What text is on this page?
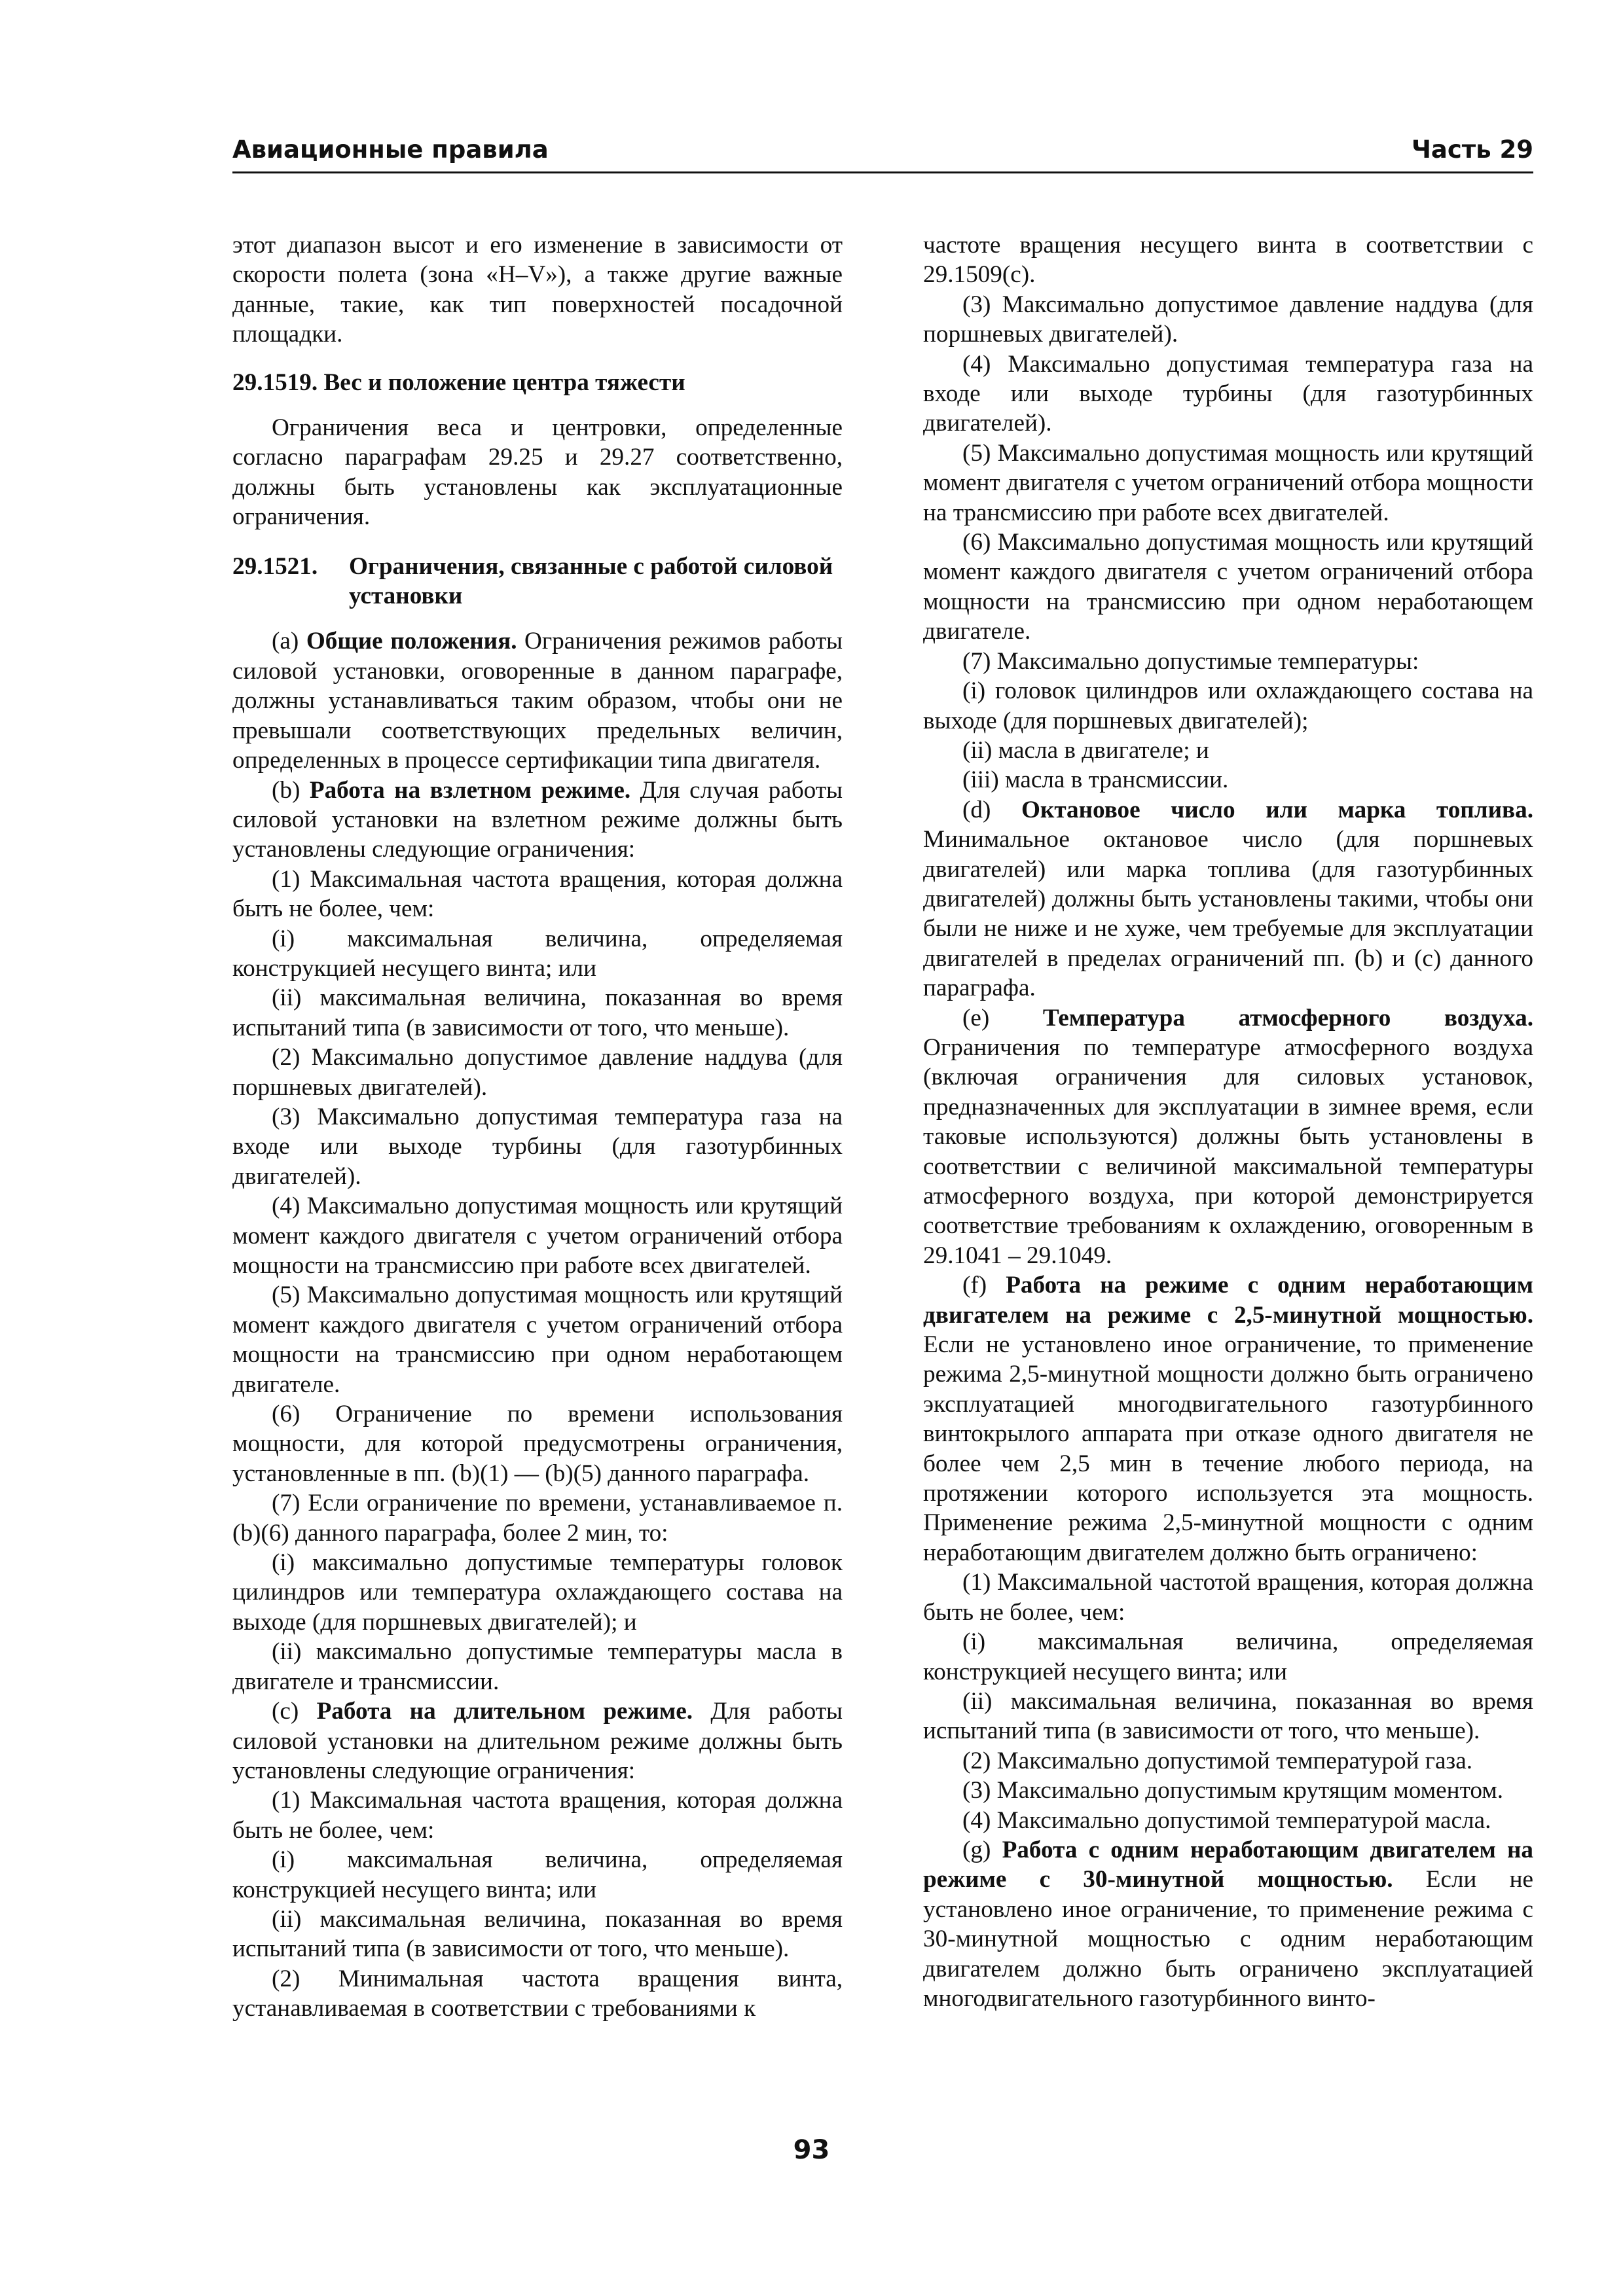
Авиационные правила	Часть 29

этот диапазон высот и его изменение в зависимости от скорости полета (зона «H–V»), а также другие важные данные, такие, как тип поверхностей посадочной площадки.

29.1519. Вес и положение центра тяжести

Ограничения веса и центровки, определенные согласно параграфам 29.25 и 29.27 соответственно, должны быть установлены как эксплуатационные ограничения.

29.1521.	Ограничения, связанные с работой силовой установки

(a) Общие положения. Ограничения режимов работы силовой установки, оговоренные в данном параграфе, должны устанавливаться таким образом, чтобы они не превышали соответствующих предельных величин, определенных в процессе сертификации типа двигателя.

(b) Работа на взлетном режиме. Для случая работы силовой установки на взлетном режиме должны быть установлены следующие ограничения:

(1) Максимальная частота вращения, которая должна быть не более, чем:

(i) максимальная величина, определяемая конструкцией несущего винта; или

(ii) максимальная величина, показанная во время испытаний типа (в зависимости от того, что меньше).

(2) Максимально допустимое давление наддува (для поршневых двигателей).

(3) Максимально допустимая температура газа на входе или выходе турбины (для газотурбинных двигателей).

(4) Максимально допустимая мощность или крутящий момент каждого двигателя с учетом ограничений отбора мощности на трансмиссию при работе всех двигателей.

(5) Максимально допустимая мощность или крутящий момент каждого двигателя с учетом ограничений отбора мощности на трансмиссию при одном неработающем двигателе.

(6) Ограничение по времени использования мощности, для которой предусмотрены ограничения, установленные в пп. (b)(1) — (b)(5) данного параграфа.

(7) Если ограничение по времени, устанавливаемое п. (b)(6) данного параграфа, более 2 мин, то:

(i) максимально допустимые температуры головок цилиндров или температура охлаждающего состава на выходе (для поршневых двигателей); и

(ii) максимально допустимые температуры масла в двигателе и трансмиссии.

(c) Работа на длительном режиме. Для работы силовой установки на длительном режиме должны быть установлены следующие ограничения:

(1) Максимальная частота вращения, которая должна быть не более, чем:

(i) максимальная величина, определяемая конструкцией несущего винта; или

(ii) максимальная величина, показанная во время испытаний типа (в зависимости от того, что меньше).

(2) Минимальная частота вращения винта, устанавливаемая в соответствии с требованиями к

частоте вращения несущего винта в соответствии с 29.1509(c).

(3) Максимально допустимое давление наддува (для поршневых двигателей).

(4) Максимально допустимая температура газа на входе или выходе турбины (для газотурбинных двигателей).

(5) Максимально допустимая мощность или крутящий момент двигателя с учетом ограничений отбора мощности на трансмиссию при работе всех двигателей.

(6) Максимально допустимая мощность или крутящий момент каждого двигателя с учетом ограничений отбора мощности на трансмиссию при одном неработающем двигателе.

(7) Максимально допустимые температуры:

(i) головок цилиндров или охлаждающего состава на выходе (для поршневых двигателей);

(ii) масла в двигателе; и

(iii) масла в трансмиссии.

(d) Октановое число или марка топлива. Минимальное октановое число (для поршневых двигателей) или марка топлива (для газотурбинных двигателей) должны быть установлены такими, чтобы они были не ниже и не хуже, чем требуемые для эксплуатации двигателей в пределах ограничений пп. (b) и (c) данного параграфа.

(e) Температура атмосферного воздуха. Ограничения по температуре атмосферного воздуха (включая ограничения для силовых установок, предназначенных для эксплуатации в зимнее время, если таковые используются) должны быть установлены в соответствии с величиной максимальной температуры атмосферного воздуха, при которой демонстрируется соответствие требованиям к охлаждению, оговоренным в 29.1041 – 29.1049.

(f) Работа на режиме с одним неработающим двигателем на режиме с 2,5-минутной мощностью. Если не установлено иное ограничение, то применение режима 2,5-минутной мощности должно быть ограничено эксплуатацией многодвигательного газотурбинного винтокрылого аппарата при отказе одного двигателя не более чем 2,5 мин в течение любого периода, на протяжении которого используется эта мощность. Применение режима 2,5-минутной мощности с одним неработающим двигателем должно быть ограничено:

(1) Максимальной частотой вращения, которая должна быть не более, чем:

(i) максимальная величина, определяемая конструкцией несущего винта; или

(ii) максимальная величина, показанная во время испытаний типа (в зависимости от того, что меньше).

(2) Максимально допустимой температурой газа.

(3) Максимально допустимым крутящим моментом.

(4) Максимально допустимой температурой масла.

(g) Работа с одним неработающим двигателем на режиме с 30-минутной мощностью. Если не установлено иное ограничение, то применение режима с 30-минутной мощностью с одним неработающим двигателем должно быть ограничено эксплуатацией многодвигательного газотурбинного винто-

93
